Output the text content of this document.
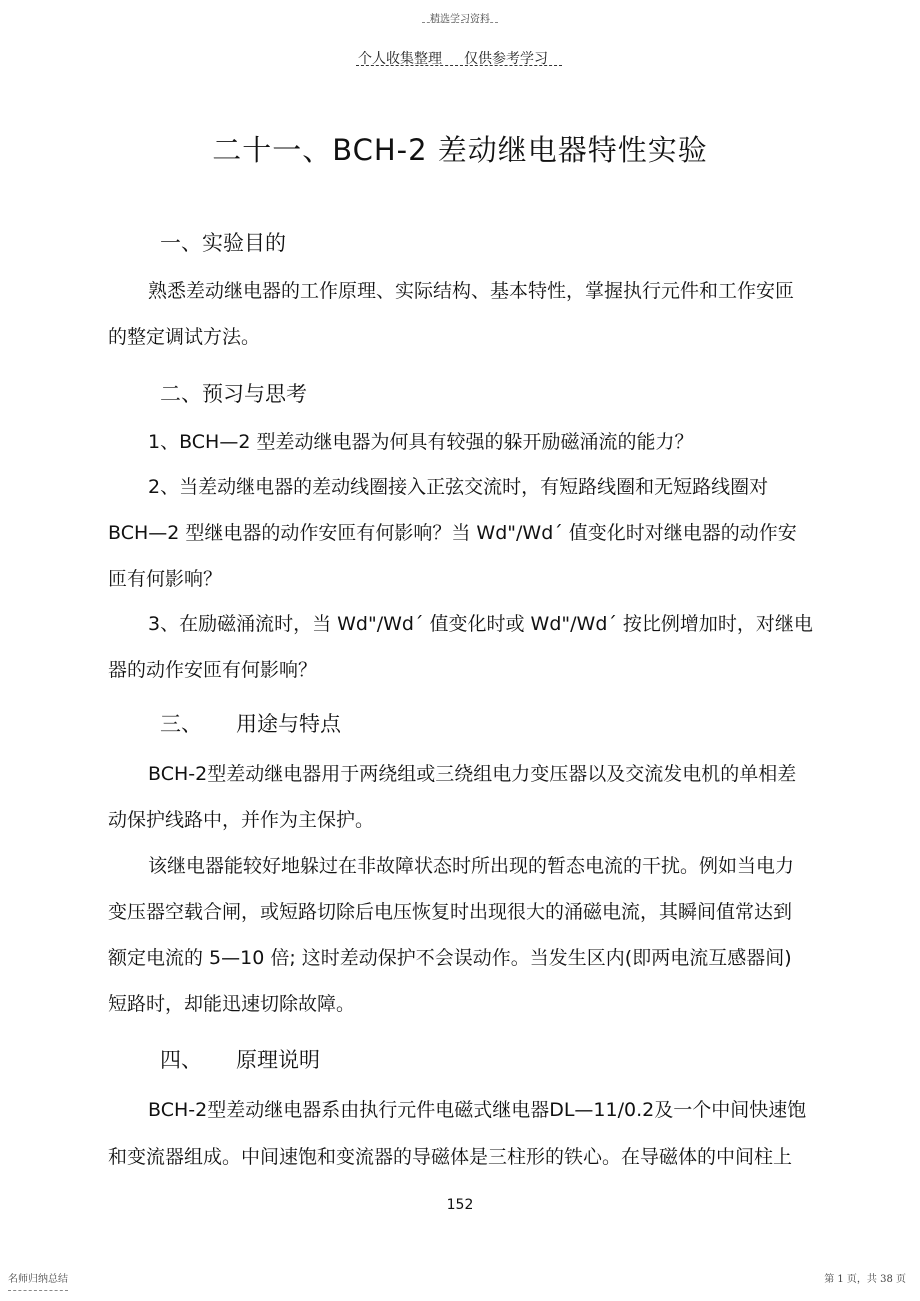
精选学习资料
个人收集整理 仅供参考学习
二十一、BCH-2 差动继电器特性实验
一、实验目的
熟悉差动继电器的工作原理、实际结构、基本特性，掌握执行元件和工作安匝
的整定调试方法。
二、预习与思考
1、BCH—2 型差动继电器为何具有较强的躲开励磁涌流的能力？
2、当差动继电器的差动线圈接入正弦交流时，有短路线圈和无短路线圈对
BCH—2 型继电器的动作安匝有何影响？当 Wd"/Wd´ 值变化时对继电器的动作安
匝有何影响？
3、在励磁涌流时，当 Wd"/Wd´ 值变化时或 Wd"/Wd´ 按比例增加时，对继电
器的动作安匝有何影响？
三、 用途与特点
BCH-2型差动继电器用于两绕组或三绕组电力变压器以及交流发电机的单相差
动保护线路中，并作为主保护。
该继电器能较好地躲过在非故障状态时所出现的暂态电流的干扰。例如当电力
变压器空载合闸，或短路切除后电压恢复时出现很大的涌磁电流，其瞬间值常达到
额定电流的 5—10 倍; 这时差动保护不会误动作。当发生区内(即两电流互感器间)
短路时，却能迅速切除故障。
四、 原理说明
BCH-2型差动继电器系由执行元件电磁式继电器DL—11/0.2及一个中间快速饱
和变流器组成。中间速饱和变流器的导磁体是三柱形的铁心。在导磁体的中间柱上
152
名师归纳总结	第 1 页，共 38 页
